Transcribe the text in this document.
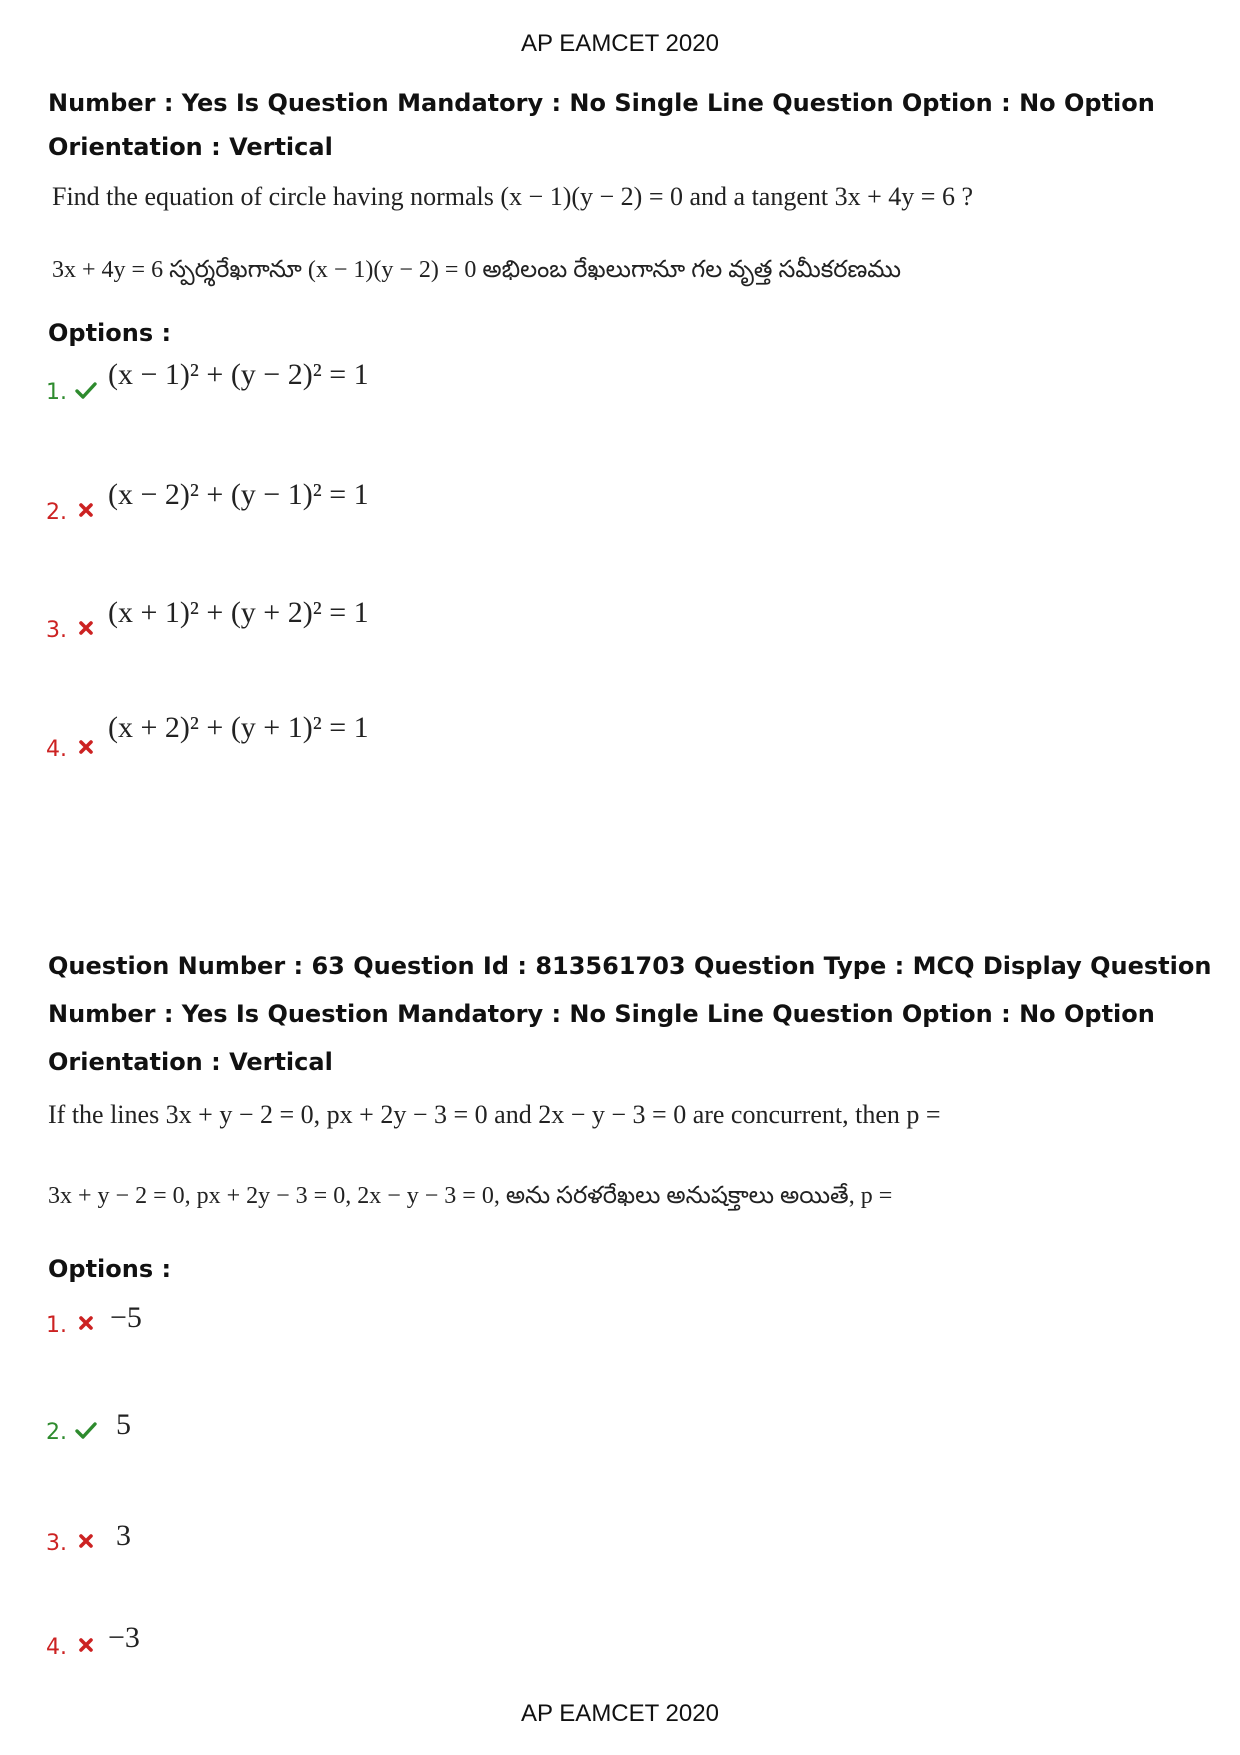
AP EAMCET 2020
Number : Yes Is Question Mandatory : No Single Line Question Option : No Option
Orientation : Vertical
Find the equation of circle having normals (x − 1)(y − 2) = 0 and a tangent 3x + 4y = 6 ?
3x + 4y = 6 స్పర్శరేఖగానూ (x − 1)(y − 2) = 0 అభిలంబ రేఖలుగానూ గల వృత్త సమీకరణము
Options :
1.
(x − 1)² + (y − 2)² = 1
2.
(x − 2)² + (y − 1)² = 1
3.
(x + 1)² + (y + 2)² = 1
4.
(x + 2)² + (y + 1)² = 1
Question Number : 63 Question Id : 813561703 Question Type : MCQ Display Question
Number : Yes Is Question Mandatory : No Single Line Question Option : No Option
Orientation : Vertical
If the lines 3x + y − 2 = 0, px + 2y − 3 = 0 and 2x − y − 3 = 0 are concurrent, then p =
3x + y − 2 = 0, px + 2y − 3 = 0, 2x − y − 3 = 0, అను సరళరేఖలు అనుషక్తాలు అయితే, p =
Options :
1. −5
2. 5
3. 3
4. −3
AP EAMCET 2020
